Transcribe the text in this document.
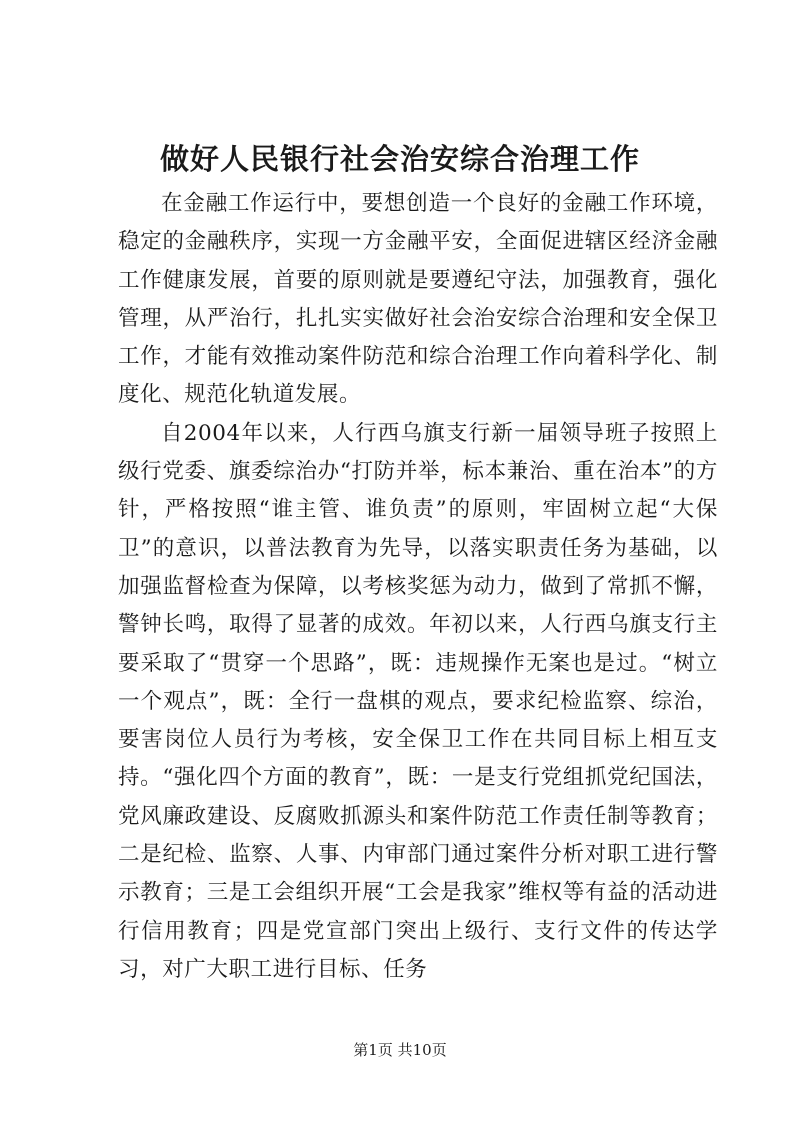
做好人民银行社会治安综合治理工作

在金融工作运行中，要想创造一个良好的金融工作环境，稳定的金融秩序，实现一方金融平安，全面促进辖区经济金融工作健康发展，首要的原则就是要遵纪守法，加强教育，强化管理，从严治行，扎扎实实做好社会治安综合治理和安全保卫工作，才能有效推动案件防范和综合治理工作向着科学化、制度化、规范化轨道发展。

自2004年以来，人行西乌旗支行新一届领导班子按照上级行党委、旗委综治办“打防并举，标本兼治、重在治本”的方针，严格按照“谁主管、谁负责”的原则，牢固树立起“大保卫”的意识，以普法教育为先导，以落实职责任务为基础，以加强监督检查为保障，以考核奖惩为动力，做到了常抓不懈，警钟长鸣，取得了显著的成效。年初以来，人行西乌旗支行主要采取了“贯穿一个思路”，既：违规操作无案也是过。“树立一个观点”，既：全行一盘棋的观点，要求纪检监察、综治，要害岗位人员行为考核，安全保卫工作在共同目标上相互支持。“强化四个方面的教育”，既：一是支行党组抓党纪国法，党风廉政建设、反腐败抓源头和案件防范工作责任制等教育；二是纪检、监察、人事、内审部门通过案件分析对职工进行警示教育；三是工会组织开展“工会是我家”维权等有益的活动进行信用教育；四是党宣部门突出上级行、支行文件的传达学习，对广大职工进行目标、任务

第1页 共10页
